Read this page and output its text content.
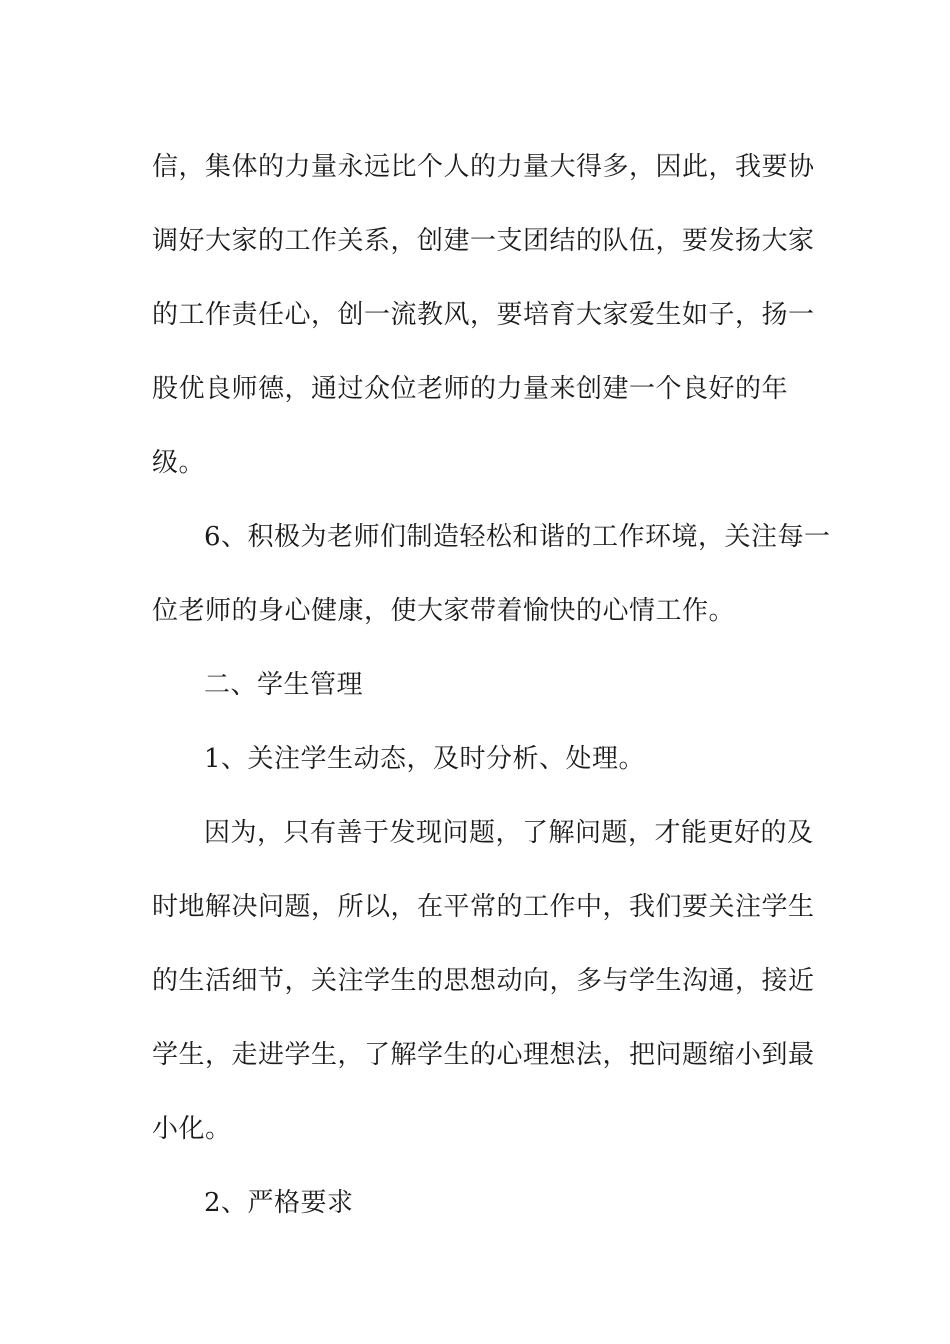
信，集体的力量永远比个人的力量大得多，因此，我要协
调好大家的工作关系，创建一支团结的队伍，要发扬大家
的工作责任心，创一流教风，要培育大家爱生如子，扬一
股优良师德，通过众位老师的力量来创建一个良好的年
级。

6、积极为老师们制造轻松和谐的工作环境，关注每一
位老师的身心健康，使大家带着愉快的心情工作。

二、学生管理

1、关注学生动态，及时分析、处理。

因为，只有善于发现问题，了解问题，才能更好的及
时地解决问题，所以，在平常的工作中，我们要关注学生
的生活细节，关注学生的思想动向，多与学生沟通，接近
学生，走进学生，了解学生的心理想法，把问题缩小到最
小化。

2、严格要求
